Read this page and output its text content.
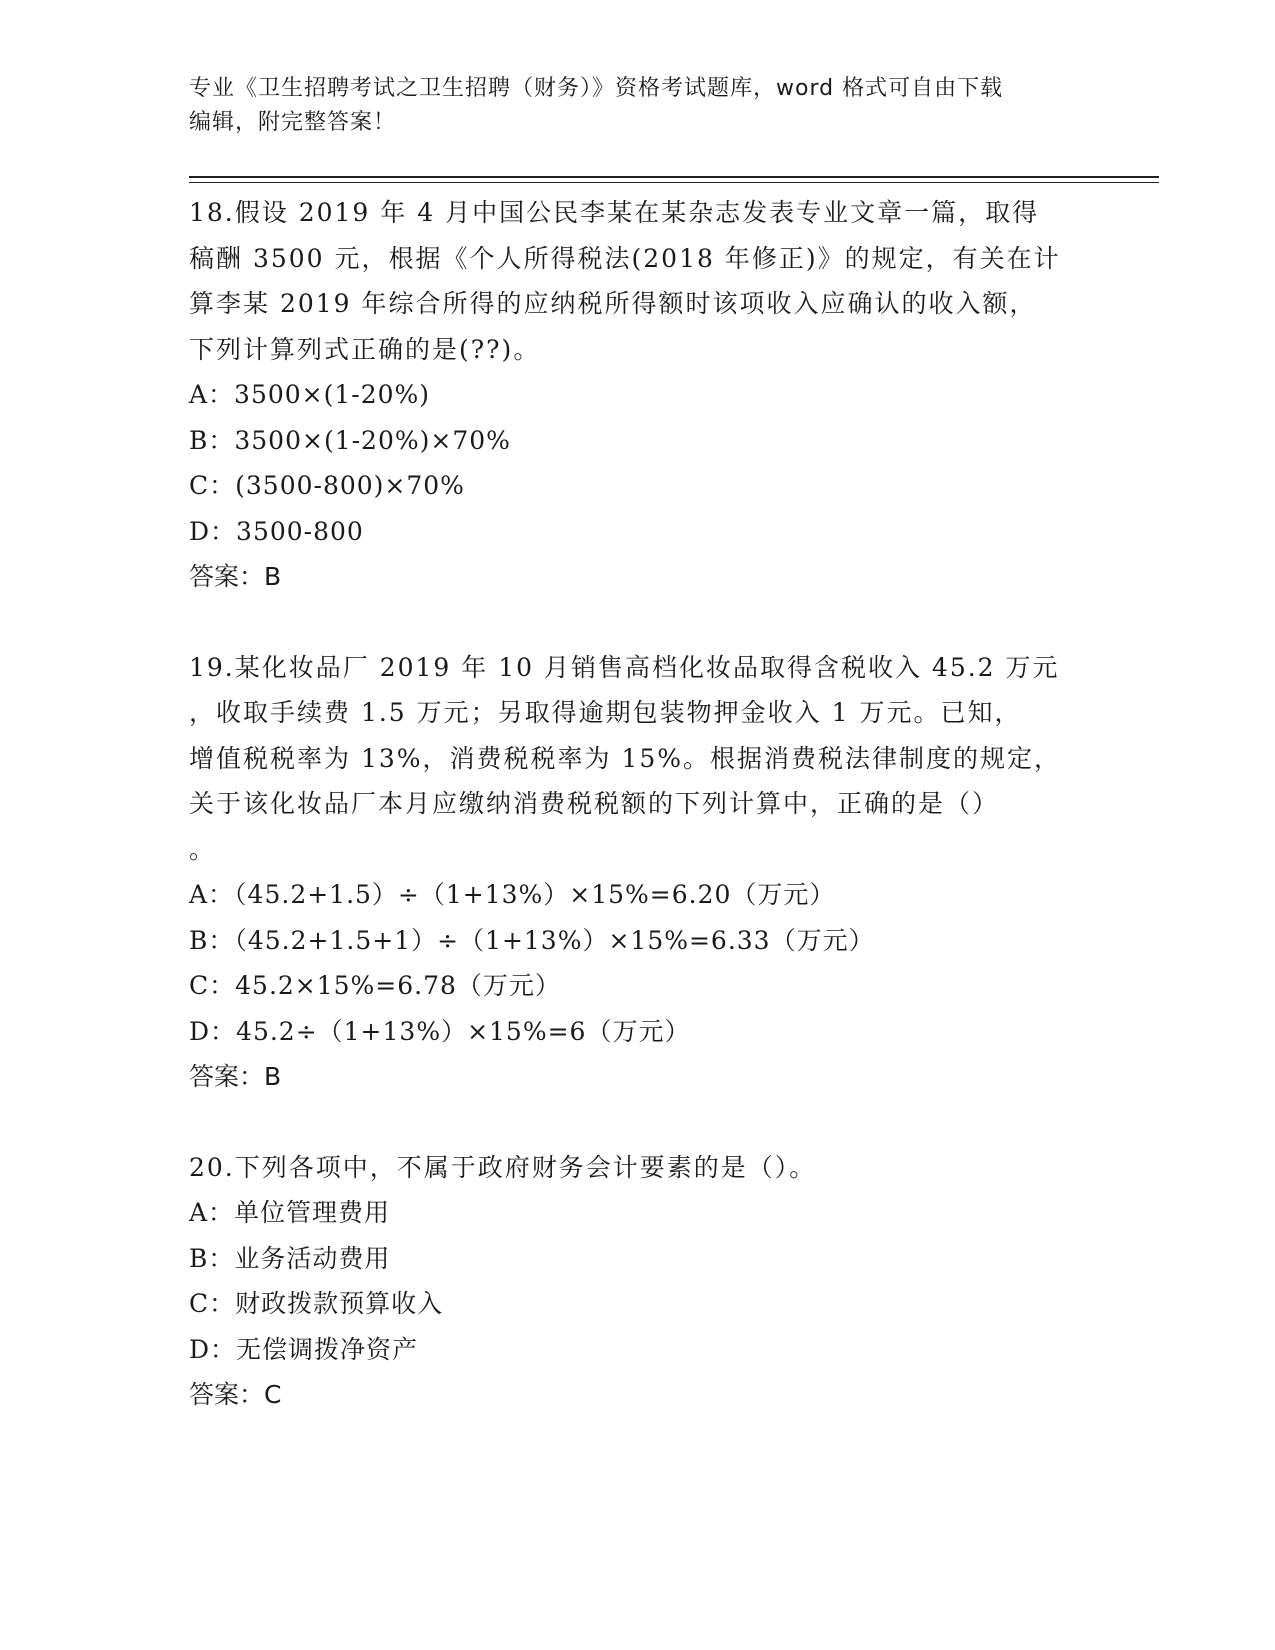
专业《卫生招聘考试之卫生招聘（财务）》资格考试题库，word 格式可自由下载
编辑，附完整答案！
18.假设 2019 年 4 月中国公民李某在某杂志发表专业文章一篇，取得
稿酬 3500 元，根据《个人所得税法(2018 年修正)》的规定，有关在计
算李某 2019 年综合所得的应纳税所得额时该项收入应确认的收入额，
下列计算列式正确的是(??)。
A：3500×(1-20%)
B：3500×(1-20%)×70%
C：(3500-800)×70%
D：3500-800
答案：B
19.某化妆品厂 2019 年 10 月销售高档化妆品取得含税收入 45.2 万元
，收取手续费 1.5 万元；另取得逾期包装物押金收入 1 万元。已知，
增值税税率为 13%，消费税税率为 15%。根据消费税法律制度的规定，
关于该化妆品厂本月应缴纳消费税税额的下列计算中，正确的是（）
。
A：（45.2+1.5）÷（1+13%）×15%=6.20（万元）
B：（45.2+1.5+1）÷（1+13%）×15%=6.33（万元）
C：45.2×15%=6.78（万元）
D：45.2÷（1+13%）×15%=6（万元）
答案：B
20.下列各项中，不属于政府财务会计要素的是（）。
A：单位管理费用
B：业务活动费用
C：财政拨款预算收入
D：无偿调拨净资产
答案：C
